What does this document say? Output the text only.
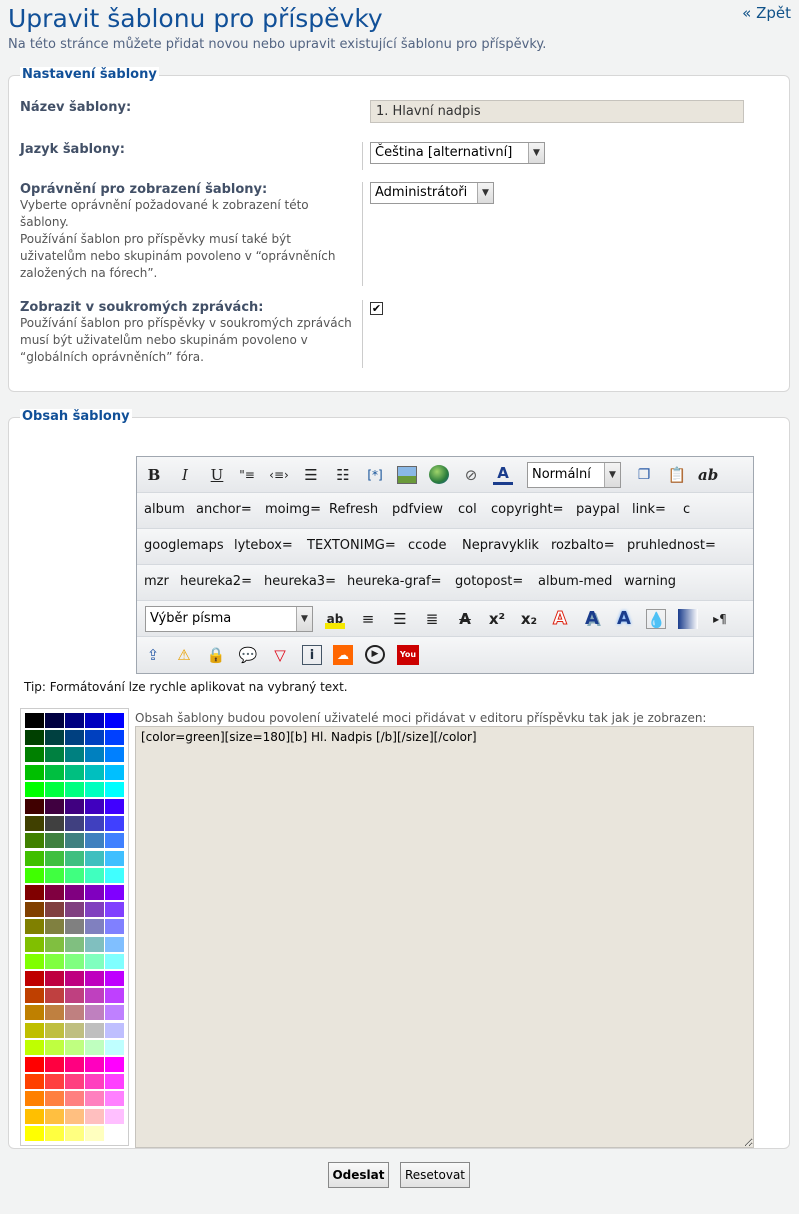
Upravit šablonu pro příspěvky	« Zpět
Na této stránce můžete přidat novou nebo upravit existující šablonu pro příspěvky.
Nastavení šablony
Název šablony:
1. Hlavní nadpis
Jazyk šablony:	Čeština [alternativní]	▼
Oprávnění pro zobrazení šablony:
Vyberte oprávnění požadované k zobrazení této šablony.
Používání šablon pro příspěvky musí také být uživatelům nebo skupinám povoleno v “oprávněních založených na fórech”.
Administrátoři	▼
Zobrazit v soukromých zprávách:
Používání šablon pro příspěvky v soukromých zprávách musí být uživatelům nebo skupinám povoleno v “globálních oprávněních” fóra.
✔
Obsah šablony
B	I	U	"≡ ‹≡› ☰ ☷ [*]	⊘ A	Normální	▼ ❐ 📋 ab
album anchor= moimg= Refresh pdfview col copyright= paypal link= c
googlemaps lytebox= TEXTONIMG= ccode Nepravyklik rozbalto= pruhlednost=
mzr heureka2= heureka3= heureka-graf= gotopost= album-med warning
Výběr písma	▼	ab ≡ ☰ ≣ A x² x₂ A A A 💧	▸¶
⇪ ⚠ 🔒 💬 ▽	i	☁	▶	You
Tip: Formátování lze rychle aplikovat na vybraný text.
Obsah šablony budou povolení uživatelé moci přidávat v editoru příspěvku tak jak je zobrazen:
[color=green][size=180][b] Hl. Nadpis [/b][/size][/color]
Odeslat	Resetovat
